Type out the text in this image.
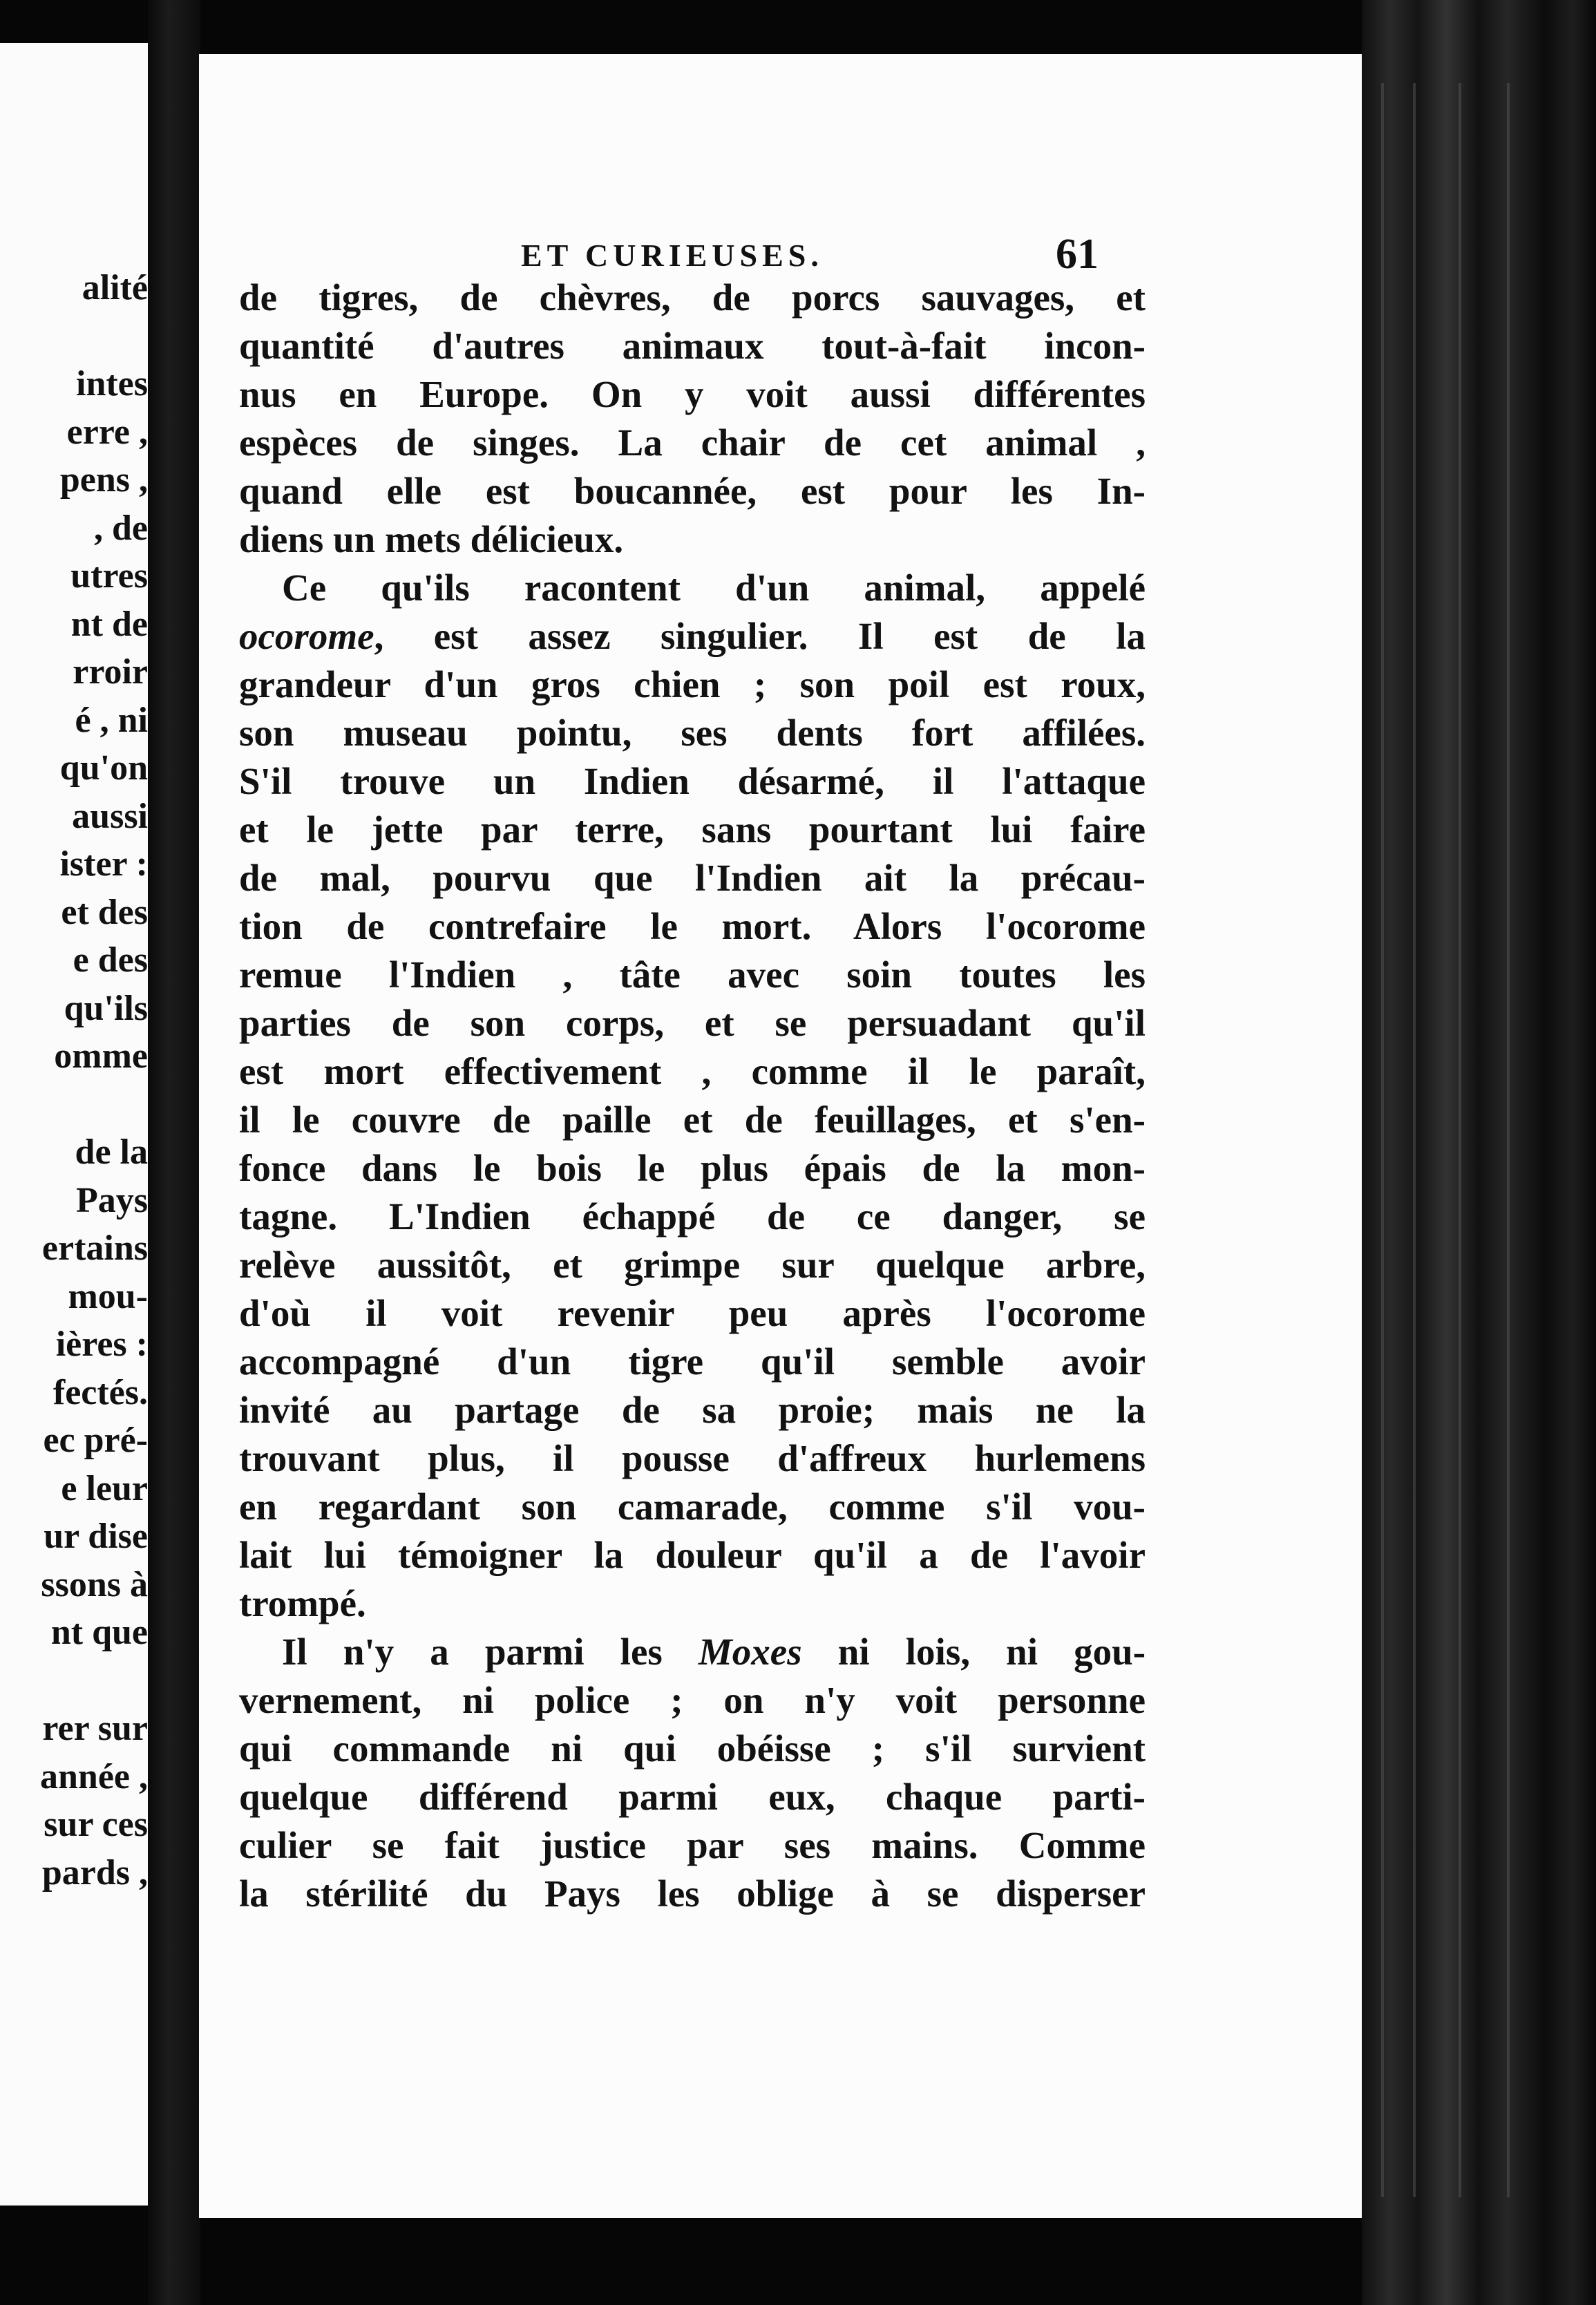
alité
intes
erre ,
pens ,
, de
utres
nt de
rroir
é , ni
qu'on
aussi
ister :
et des
e des
qu'ils
omme
de la
Pays
ertains
mou-
ières :
fectés.
ec pré-
e leur
ur dise
ssons à
nt que
rer sur
année ,
sur ces
pards ,
ET CURIEUSES.	61
de tigres, de chèvres, de porcs sauvages, et
quantité d'autres animaux tout-à-fait incon-
nus en Europe. On y voit aussi différentes
espèces de singes. La chair de cet animal ,
quand elle est boucannée, est pour les In-
diens un mets délicieux.
Ce qu'ils racontent d'un animal, appelé
ocorome, est assez singulier. Il est de la
grandeur d'un gros chien ; son poil est roux,
son museau pointu, ses dents fort affilées.
S'il trouve un Indien désarmé, il l'attaque
et le jette par terre, sans pourtant lui faire
de mal, pourvu que l'Indien ait la précau-
tion de contrefaire le mort. Alors l'ocorome
remue l'Indien , tâte avec soin toutes les
parties de son corps, et se persuadant qu'il
est mort effectivement , comme il le paraît,
il le couvre de paille et de feuillages, et s'en-
fonce dans le bois le plus épais de la mon-
tagne. L'Indien échappé de ce danger, se
relève aussitôt, et grimpe sur quelque arbre,
d'où il voit revenir peu après l'ocorome
accompagné d'un tigre qu'il semble avoir
invité au partage de sa proie; mais ne la
trouvant plus, il pousse d'affreux hurlemens
en regardant son camarade, comme s'il vou-
lait lui témoigner la douleur qu'il a de l'avoir
trompé.
Il n'y a parmi les Moxes ni lois, ni gou-
vernement, ni police ; on n'y voit personne
qui commande ni qui obéisse ; s'il survient
quelque différend parmi eux, chaque parti-
culier se fait justice par ses mains. Comme
la stérilité du Pays les oblige à se disperser
